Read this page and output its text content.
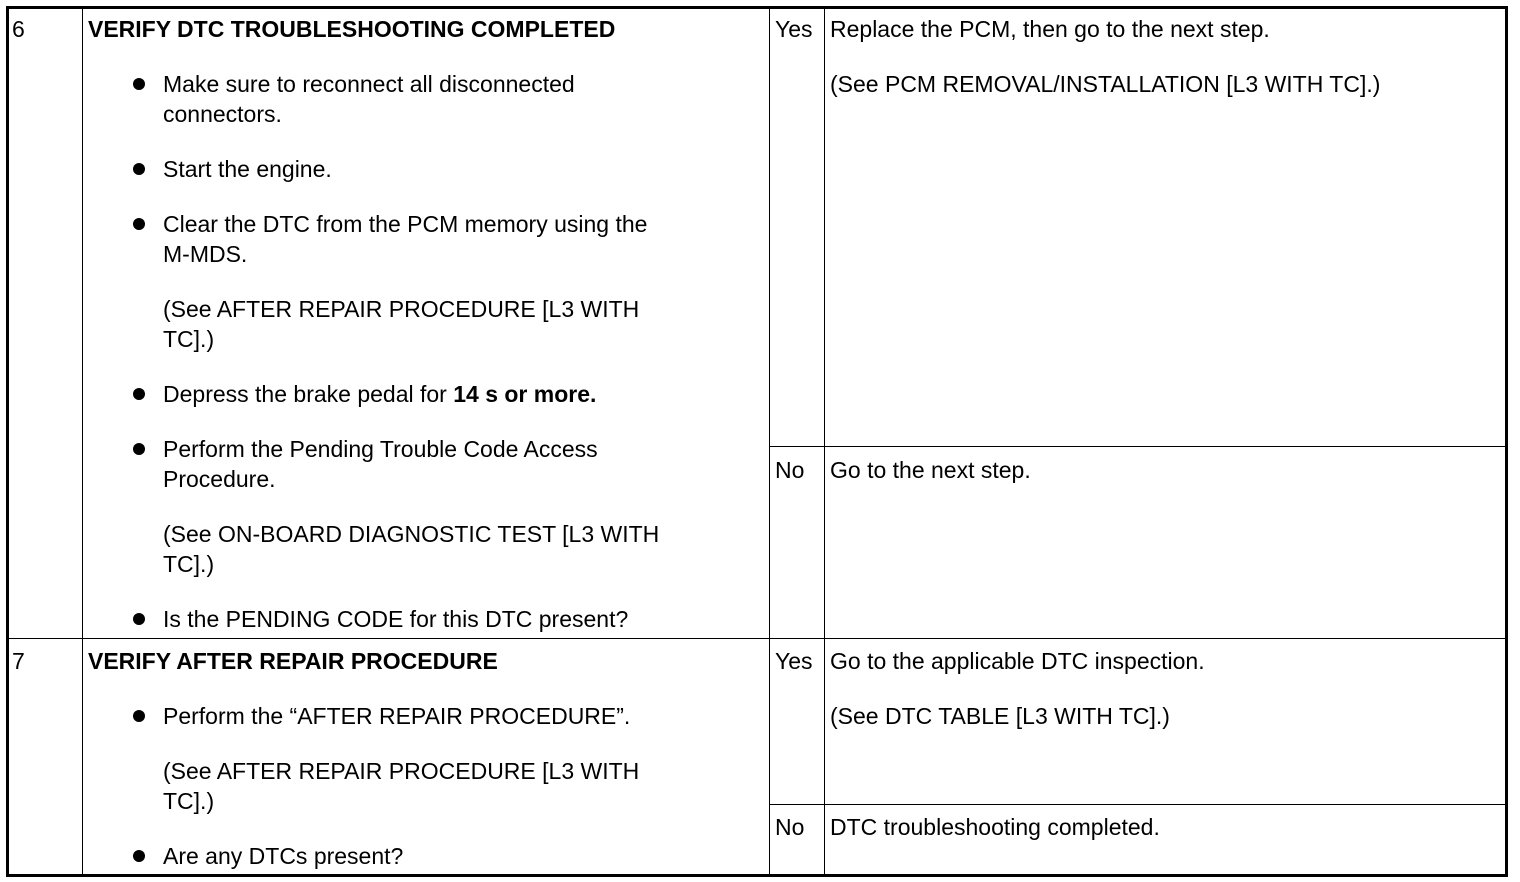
6	VERIFY DTC TROUBLESHOOTING COMPLETED
Make sure to reconnect all disconnected
connectors.
Start the engine.
Clear the DTC from the PCM memory using the
M-MDS.
(See AFTER REPAIR PROCEDURE [L3 WITH
TC].)
Depress the brake pedal for 14 s or more.
Perform the Pending Trouble Code Access
Procedure.
(See ON-BOARD DIAGNOSTIC TEST [L3 WITH
TC].)
Is the PENDING CODE for this DTC present?
Yes Replace the PCM, then go to the next step.
(See PCM REMOVAL/INSTALLATION [L3 WITH TC].)
No Go to the next step.
7	VERIFY AFTER REPAIR PROCEDURE
Perform the “AFTER REPAIR PROCEDURE”.
(See AFTER REPAIR PROCEDURE [L3 WITH
TC].)
Are any DTCs present?
Yes Go to the applicable DTC inspection.
(See DTC TABLE [L3 WITH TC].)
No DTC troubleshooting completed.
